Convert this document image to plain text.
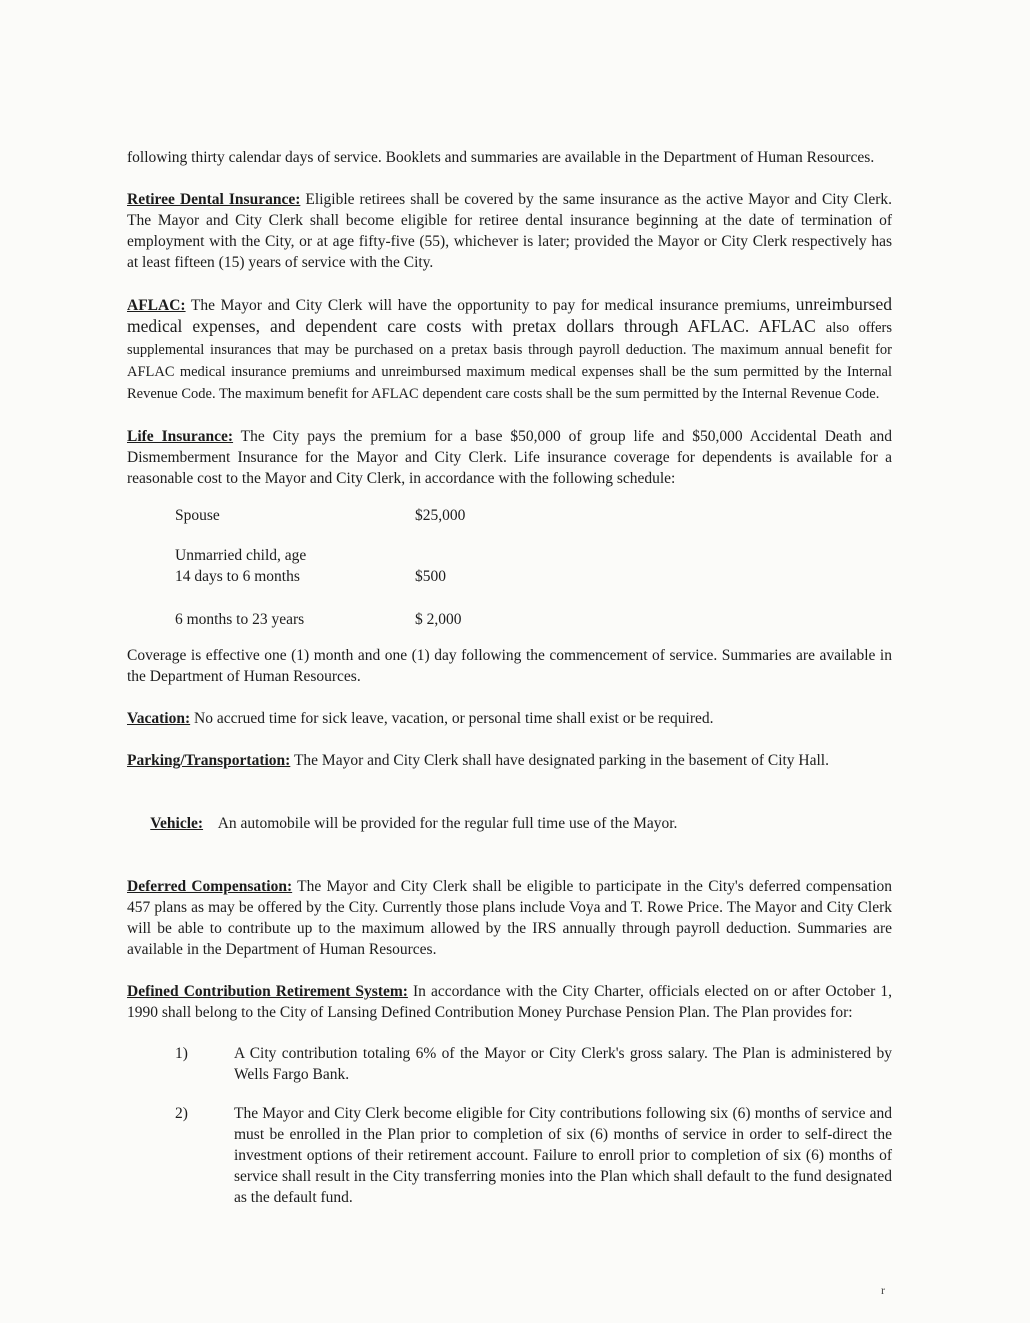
following thirty calendar days of service. Booklets and summaries are available in the Department of Human Resources.

Retiree Dental Insurance: Eligible retirees shall be covered by the same insurance as the active Mayor and City Clerk. The Mayor and City Clerk shall become eligible for retiree dental insurance beginning at the date of termination of employment with the City, or at age fifty-five (55), whichever is later; provided the Mayor or City Clerk respectively has at least fifteen (15) years of service with the City.

AFLAC: The Mayor and City Clerk will have the opportunity to pay for medical insurance premiums, unreimbursed medical expenses, and dependent care costs with pretax dollars through AFLAC. AFLAC also offers supplemental insurances that may be purchased on a pretax basis through payroll deduction. The maximum annual benefit for AFLAC medical insurance premiums and unreimbursed maximum medical expenses shall be the sum permitted by the Internal Revenue Code. The maximum benefit for AFLAC dependent care costs shall be the sum permitted by the Internal Revenue Code.

Life Insurance: The City pays the premium for a base $50,000 of group life and $50,000 Accidental Death and Dismemberment Insurance for the Mayor and City Clerk. Life insurance coverage for dependents is available for a reasonable cost to the Mayor and City Clerk, in accordance with the following schedule:

Spouse	$25,000
Unmarried child, age
14 days to 6 months	$500
6 months to 23 years	$ 2,000

Coverage is effective one (1) month and one (1) day following the commencement of service. Summaries are available in the Department of Human Resources.

Vacation: No accrued time for sick leave, vacation, or personal time shall exist or be required.

Parking/Transportation: The Mayor and City Clerk shall have designated parking in the basement of City Hall.

Vehicle:    An automobile will be provided for the regular full time use of the Mayor.

Deferred Compensation: The Mayor and City Clerk shall be eligible to participate in the City's deferred compensation 457 plans as may be offered by the City. Currently those plans include Voya and T. Rowe Price. The Mayor and City Clerk will be able to contribute up to the maximum allowed by the IRS annually through payroll deduction. Summaries are available in the Department of Human Resources.

Defined Contribution Retirement System: In accordance with the City Charter, officials elected on or after October 1, 1990 shall belong to the City of Lansing Defined Contribution Money Purchase Pension Plan. The Plan provides for:

1)	A City contribution totaling 6% of the Mayor or City Clerk's gross salary. The Plan is administered by Wells Fargo Bank.
2)	The Mayor and City Clerk become eligible for City contributions following six (6) months of service and must be enrolled in the Plan prior to completion of six (6) months of service in order to self-direct the investment options of their retirement account. Failure to enroll prior to completion of six (6) months of service shall result in the City transferring monies into the Plan which shall default to the fund designated as the default fund.
r
